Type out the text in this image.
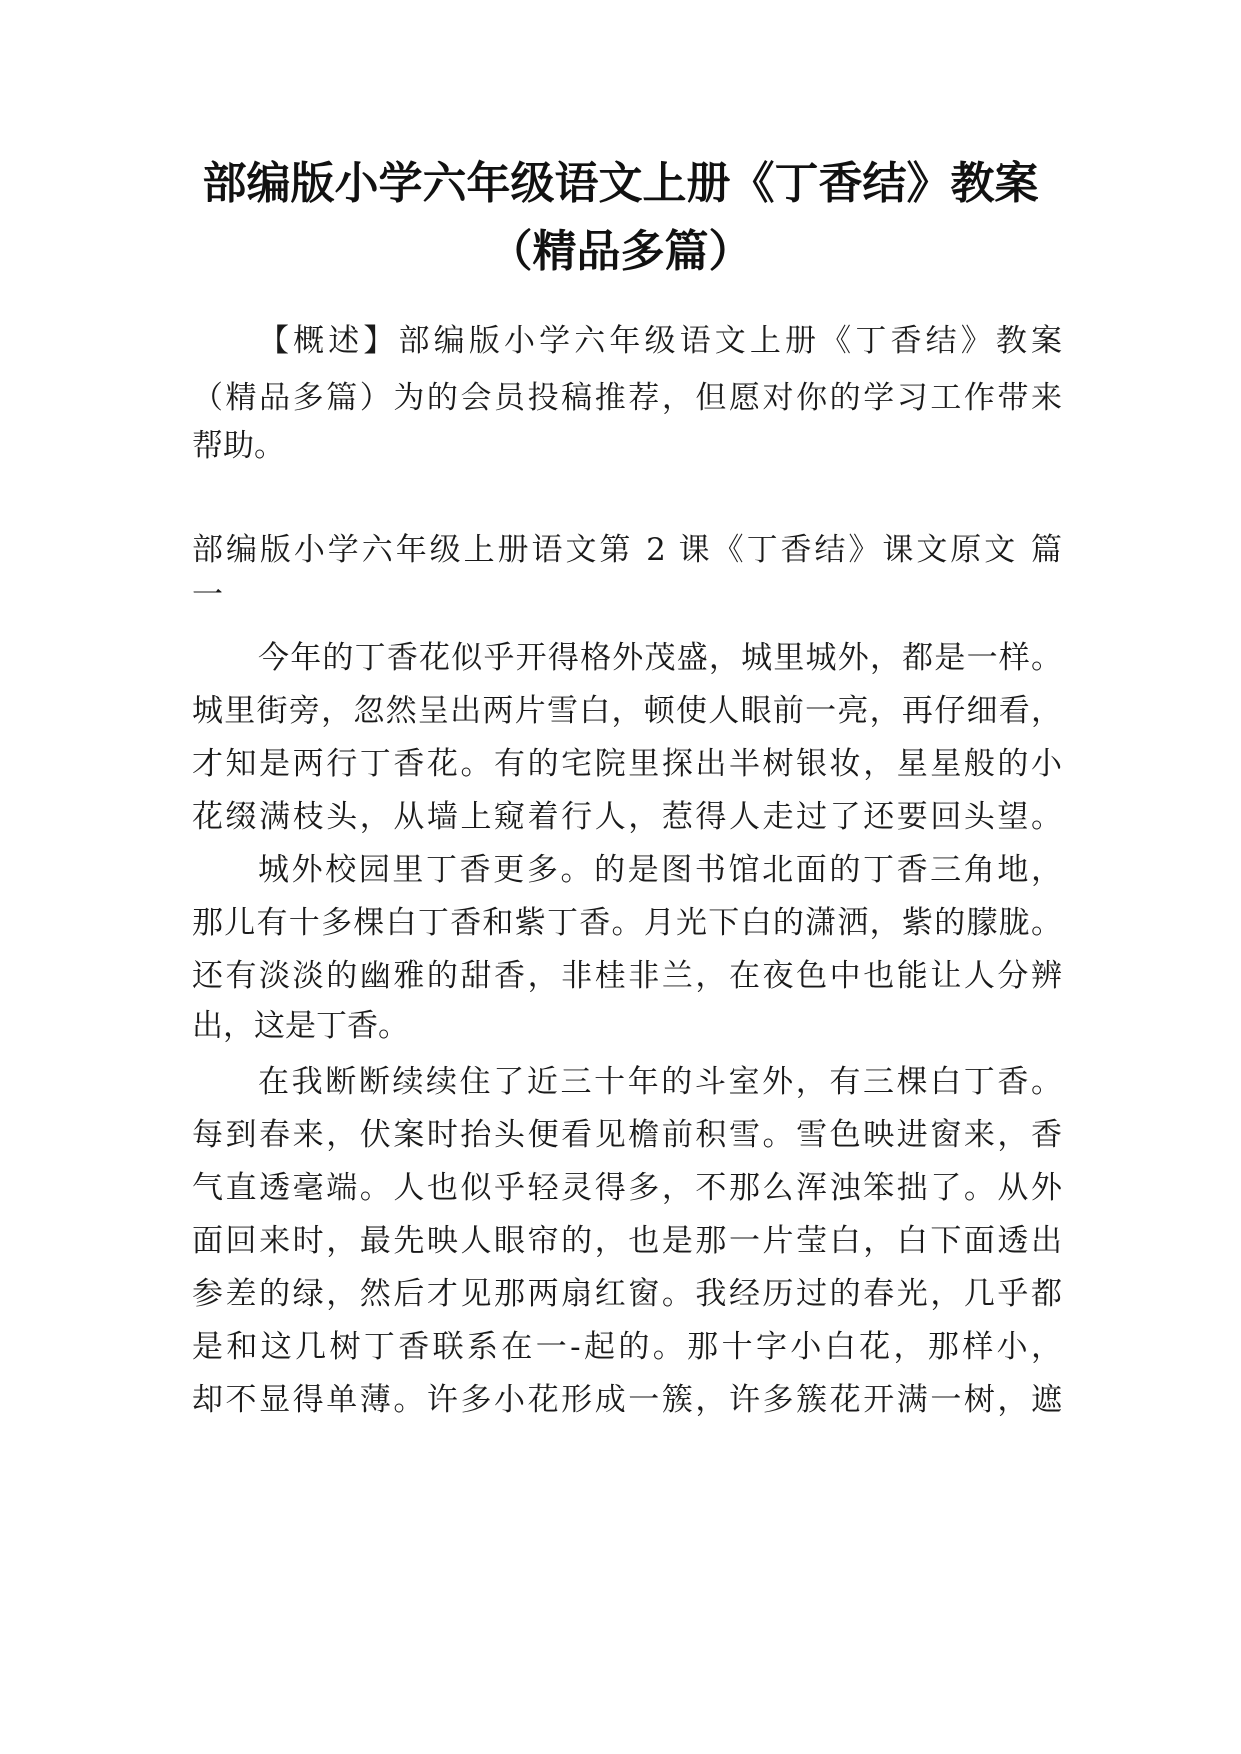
部编版小学六年级语文上册《丁香结》教案
（精品多篇）

【概述】部编版小学六年级语文上册《丁香结》教案

（精品多篇）为的会员投稿推荐，但愿对你的学习工作带来

帮助。

部编版小学六年级上册语文第 2 课《丁香结》课文原文 篇

一

今年的丁香花似乎开得格外茂盛，城里城外，都是一样。

城里街旁，忽然呈出两片雪白，顿使人眼前一亮，再仔细看，

才知是两行丁香花。有的宅院里探出半树银妆，星星般的小

花缀满枝头，从墙上窥着行人，惹得人走过了还要回头望。

城外校园里丁香更多。的是图书馆北面的丁香三角地，

那儿有十多棵白丁香和紫丁香。月光下白的潇洒，紫的朦胧。

还有淡淡的幽雅的甜香，非桂非兰，在夜色中也能让人分辨

出，这是丁香。

在我断断续续住了近三十年的斗室外，有三棵白丁香。

每到春来，伏案时抬头便看见檐前积雪。雪色映进窗来，香

气直透毫端。人也似乎轻灵得多，不那么浑浊笨拙了。从外

面回来时，最先映人眼帘的，也是那一片莹白，白下面透出

参差的绿，然后才见那两扇红窗。我经历过的春光，几乎都

是和这几树丁香联系在一-起的。那十字小白花，那样小，

却不显得单薄。许多小花形成一簇，许多簇花开满一树，遮
